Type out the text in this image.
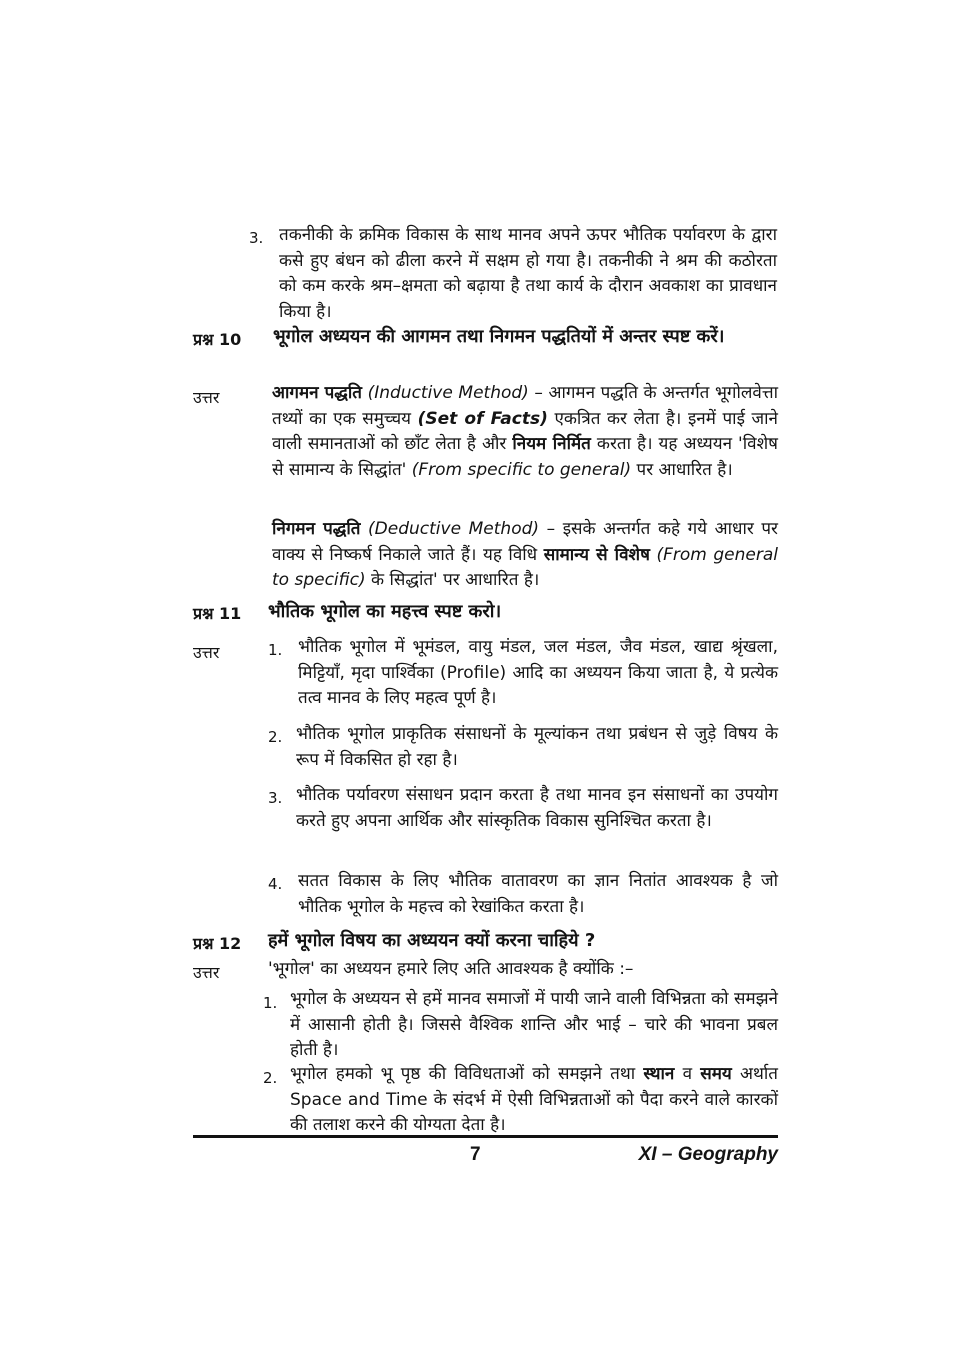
3. तकनीकी के क्रमिक विकास के साथ मानव अपने ऊपर भौतिक पर्यावरण के द्वारा कसे हुए बंधन को ढीला करने में सक्षम हो गया है। तकनीकी ने श्रम की कठोरता को कम करके श्रम–क्षमता को बढ़ाया है तथा कार्य के दौरान अवकाश का प्रावधान किया है।
प्रश्न 10 भूगोल अध्ययन की आगमन तथा निगमन पद्धतियों में अन्तर स्पष्ट करें।
उत्तर	आगमन पद्धति (Inductive Method) – आगमन पद्धति के अन्तर्गत भूगोलवेत्ता तथ्यों का एक समुच्चय (Set of Facts) एकत्रित कर लेता है। इनमें पाई जाने वाली समानताओं को छाँट लेता है और नियम निर्मित करता है। यह अध्ययन 'विशेष से सामान्य के सिद्धांत' (From specific to general) पर आधारित है।
निगमन पद्धति (Deductive Method) – इसके अन्तर्गत कहे गये आधार पर वाक्य से निष्कर्ष निकाले जाते हैं। यह विधि सामान्य से विशेष (From general to specific) के सिद्धांत' पर आधारित है।
प्रश्न 11 भौतिक भूगोल का महत्त्व स्पष्ट करो।
उत्तर	1. भौतिक भूगोल में भूमंडल, वायु मंडल, जल मंडल, जैव मंडल, खाद्य श्रृंखला, मिट्टियाँ, मृदा पार्श्विका (Profile) आदि का अध्ययन किया जाता है, ये प्रत्येक तत्व मानव के लिए महत्व पूर्ण है।
2. भौतिक भूगोल प्राकृतिक संसाधनों के मूल्यांकन तथा प्रबंधन से जुड़े विषय के रूप में विकसित हो रहा है।
3. भौतिक पर्यावरण संसाधन प्रदान करता है तथा मानव इन संसाधनों का उपयोग करते हुए अपना आर्थिक और सांस्कृतिक विकास सुनिश्चित करता है।
4. सतत विकास के लिए भौतिक वातावरण का ज्ञान नितांत आवश्यक है जो भौतिक भूगोल के महत्त्व को रेखांकित करता है।
प्रश्न 12 हमें भूगोल विषय का अध्ययन क्यों करना चाहिये ?
उत्तर	'भूगोल' का अध्ययन हमारे लिए अति आवश्यक है क्योंकि :–
1. भूगोल के अध्ययन से हमें मानव समाजों में पायी जाने वाली विभिन्नता को समझने में आसानी होती है। जिससे वैश्विक शान्ति और भाई – चारे की भावना प्रबल होती है।
2. भूगोल हमको भू पृष्ठ की विविधताओं को समझने तथा स्थान व समय अर्थात Space and Time के संदर्भ में ऐसी विभिन्नताओं को पैदा करने वाले कारकों की तलाश करने की योग्यता देता है।
7	XI – Geography
